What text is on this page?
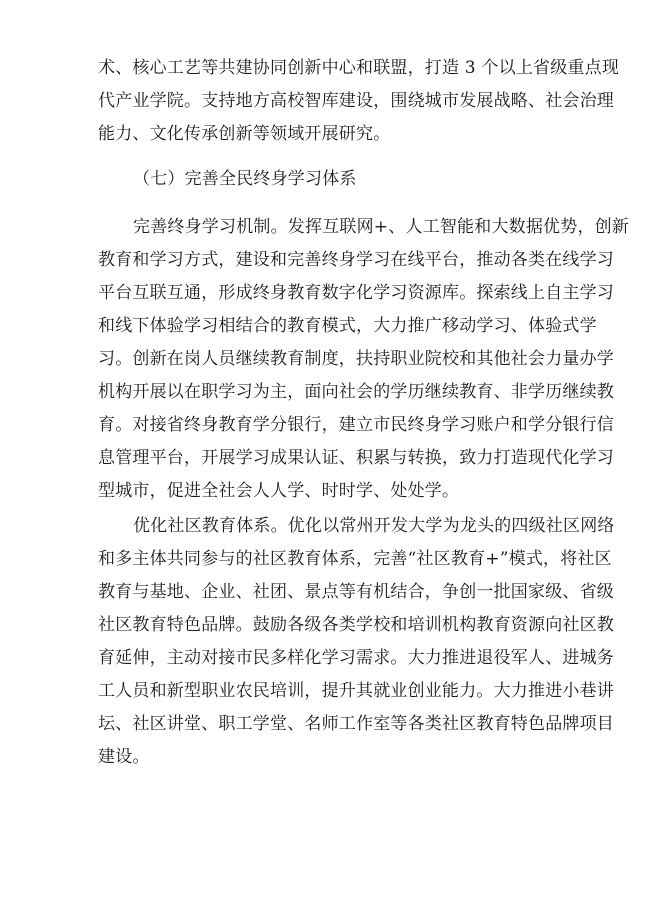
术、核心工艺等共建协同创新中心和联盟，打造 3 个以上省级重点现
代产业学院。支持地方高校智库建设，围绕城市发展战略、社会治理
能力、文化传承创新等领域开展研究。
（七）完善全民终身学习体系
完善终身学习机制。发挥互联网+、人工智能和大数据优势，创新
教育和学习方式，建设和完善终身学习在线平台，推动各类在线学习
平台互联互通，形成终身教育数字化学习资源库。探索线上自主学习
和线下体验学习相结合的教育模式，大力推广移动学习、体验式学
习。创新在岗人员继续教育制度，扶持职业院校和其他社会力量办学
机构开展以在职学习为主，面向社会的学历继续教育、非学历继续教
育。对接省终身教育学分银行，建立市民终身学习账户和学分银行信
息管理平台，开展学习成果认证、积累与转换，致力打造现代化学习
型城市，促进全社会人人学、时时学、处处学。
优化社区教育体系。优化以常州开发大学为龙头的四级社区网络
和多主体共同参与的社区教育体系，完善“社区教育+”模式，将社区
教育与基地、企业、社团、景点等有机结合，争创一批国家级、省级
社区教育特色品牌。鼓励各级各类学校和培训机构教育资源向社区教
育延伸，主动对接市民多样化学习需求。大力推进退役军人、进城务
工人员和新型职业农民培训，提升其就业创业能力。大力推进小巷讲
坛、社区讲堂、职工学堂、名师工作室等各类社区教育特色品牌项目
建设。
